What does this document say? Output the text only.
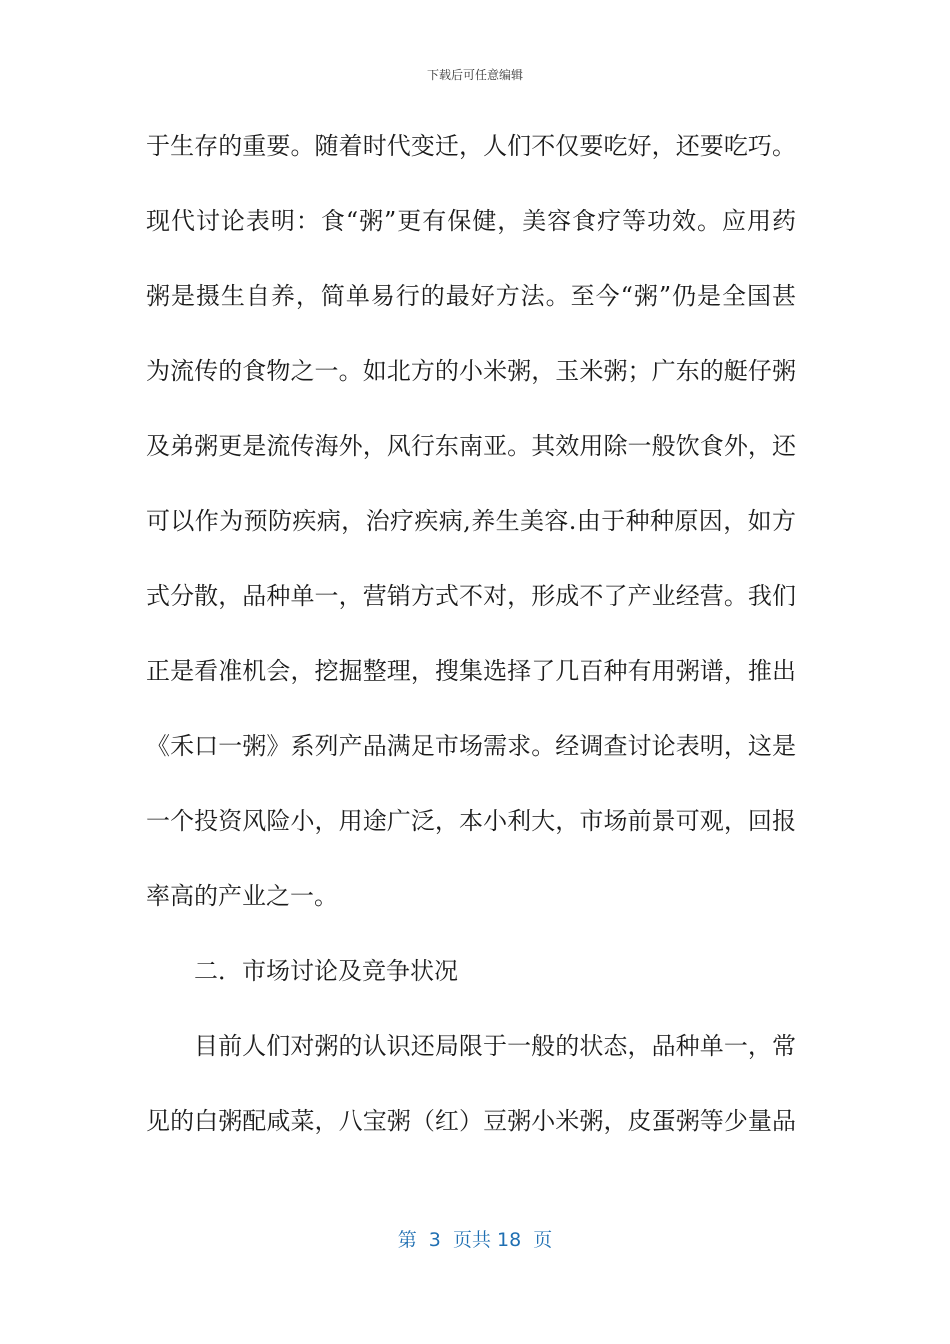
下载后可任意编辑
于生存的重要。随着时代变迁，人们不仅要吃好，还要吃巧。
现代讨论表明：食“粥”更有保健，美容食疗等功效。应用药
粥是摄生自养，简单易行的最好方法。至今“粥”仍是全国甚
为流传的食物之一。如北方的小米粥，玉米粥；广东的艇仔粥
及弟粥更是流传海外，风行东南亚。其效用除一般饮食外，还
可以作为预防疾病，治疗疾病,养生美容.由于种种原因，如方
式分散，品种单一，营销方式不对，形成不了产业经营。我们
正是看准机会，挖掘整理，搜集选择了几百种有用粥谱，推出
《禾口一粥》系列产品满足市场需求。经调查讨论表明，这是
一个投资风险小，用途广泛，本小利大，市场前景可观，回报
率高的产业之一。
二．市场讨论及竞争状况
目前人们对粥的认识还局限于一般的状态，品种单一，常
见的白粥配咸菜，八宝粥（红）豆粥小米粥，皮蛋粥等少量品
第  3  页共 18  页
